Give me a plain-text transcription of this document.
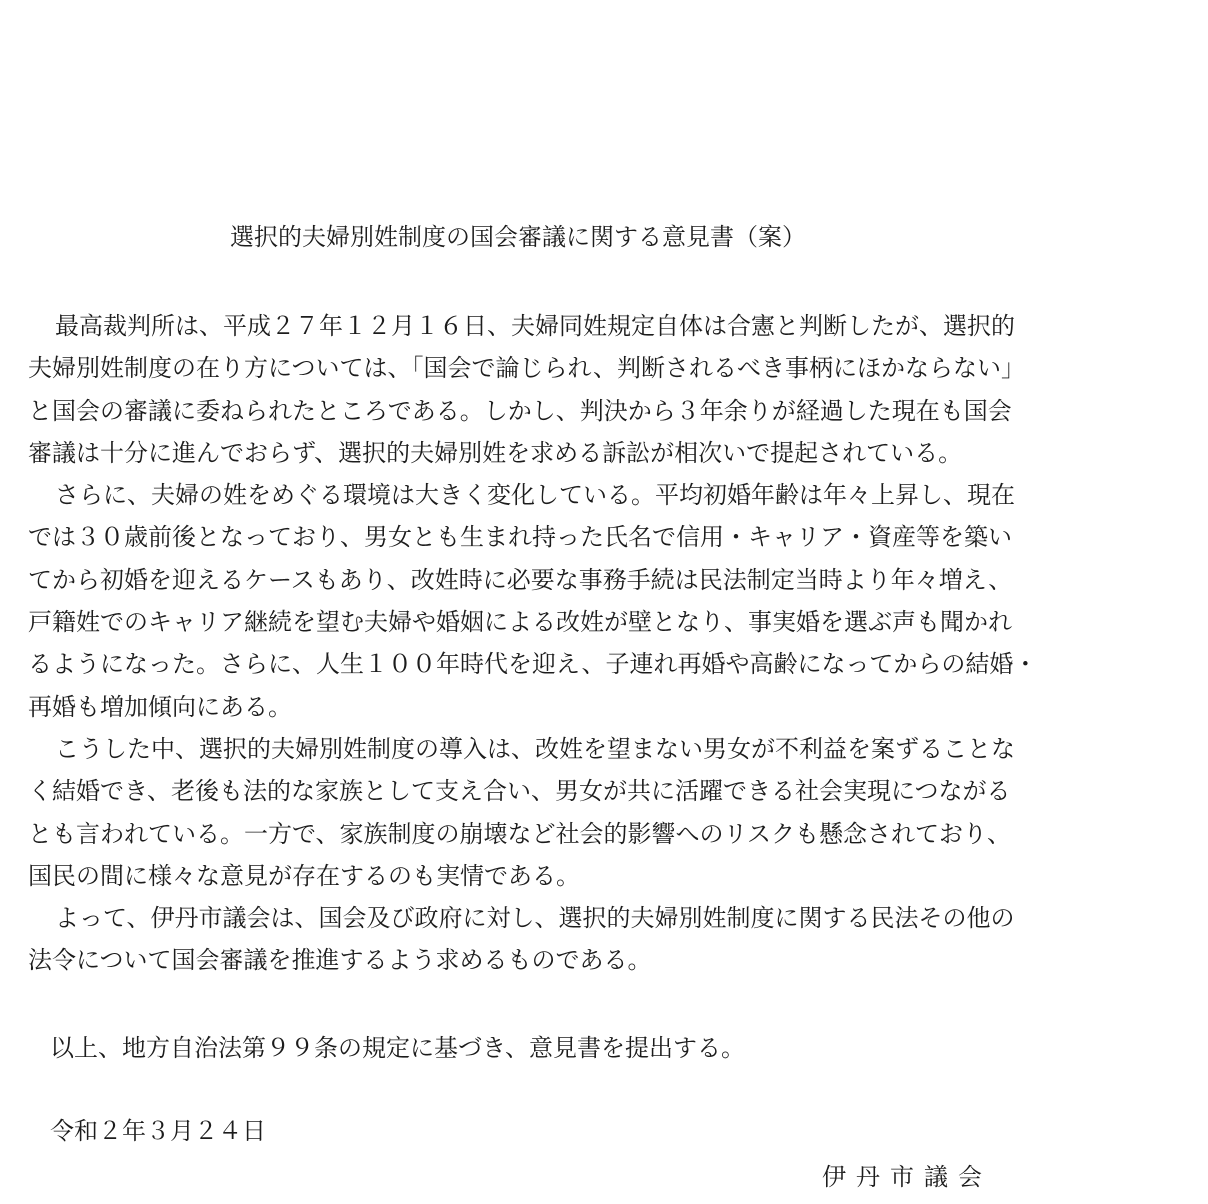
選択的夫婦別姓制度の国会審議に関する意見書（案）
最高裁判所は、平成２７年１２月１６日、夫婦同姓規定自体は合憲と判断したが、選択的
夫婦別姓制度の在り方については、「国会で論じられ、判断されるべき事柄にほかならない」
と国会の審議に委ねられたところである。しかし、判決から３年余りが経過した現在も国会
審議は十分に進んでおらず、選択的夫婦別姓を求める訴訟が相次いで提起されている。
さらに、夫婦の姓をめぐる環境は大きく変化している。平均初婚年齢は年々上昇し、現在
では３０歳前後となっており、男女とも生まれ持った氏名で信用・キャリア・資産等を築い
てから初婚を迎えるケースもあり、改姓時に必要な事務手続は民法制定当時より年々増え、
戸籍姓でのキャリア継続を望む夫婦や婚姻による改姓が壁となり、事実婚を選ぶ声も聞かれ
るようになった。さらに、人生１００年時代を迎え、子連れ再婚や高齢になってからの結婚・
再婚も増加傾向にある。
こうした中、選択的夫婦別姓制度の導入は、改姓を望まない男女が不利益を案ずることな
く結婚でき、老後も法的な家族として支え合い、男女が共に活躍できる社会実現につながる
とも言われている。一方で、家族制度の崩壊など社会的影響へのリスクも懸念されており、
国民の間に様々な意見が存在するのも実情である。
よって、伊丹市議会は、国会及び政府に対し、選択的夫婦別姓制度に関する民法その他の
法令について国会審議を推進するよう求めるものである。
以上、地方自治法第９９条の規定に基づき、意見書を提出する。
令和２年３月２４日
伊丹市議会
